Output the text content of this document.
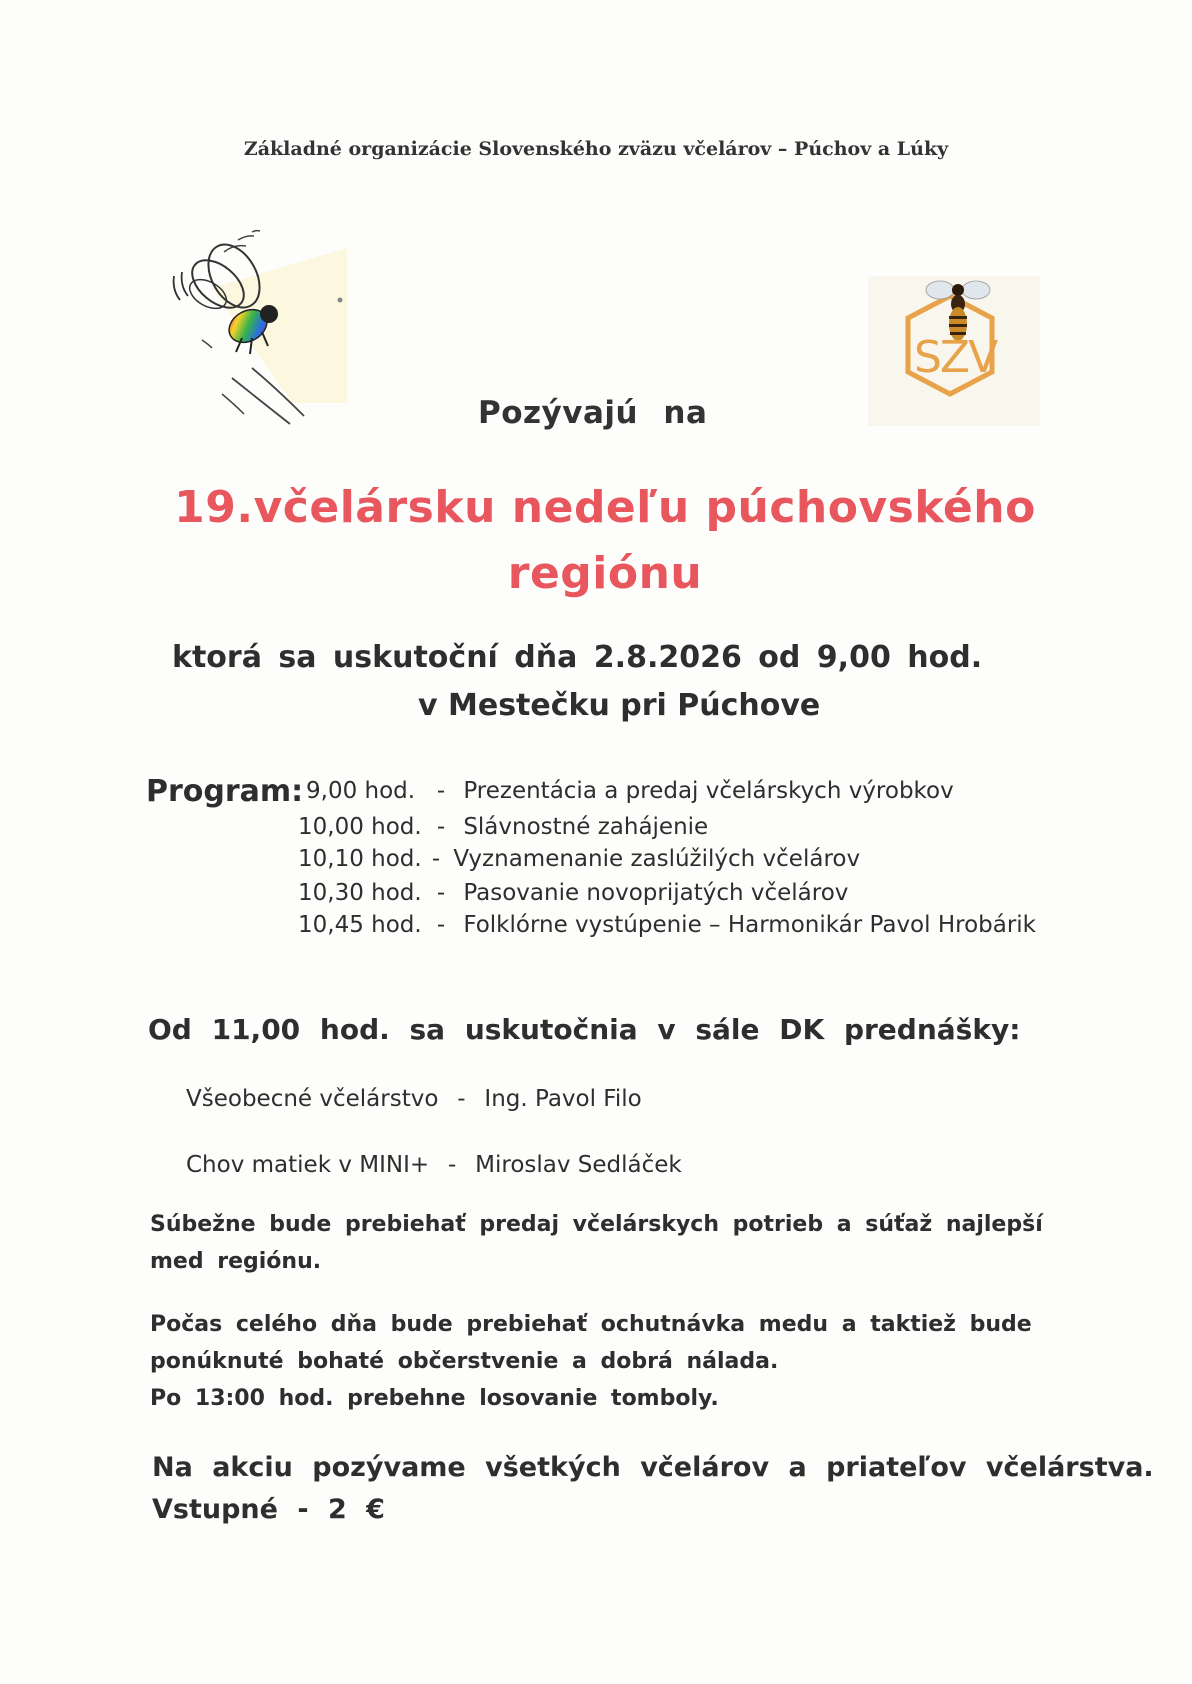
Základné organizácie Slovenského zväzu včelárov – Púchov a Lúky
SZV
Pozývajú na
19.včelársku nedeľu púchovského
regiónu
ktorá sa uskutoční dňa 2.8.2026 od 9,00 hod.
v Mestečku pri Púchove
Program: 9,00 hod. - Prezentácia a predaj včelárskych výrobkov
10,00 hod. - Slávnostné zahájenie
10,10 hod. - Vyznamenanie zaslúžilých včelárov
10,30 hod. - Pasovanie novoprijatých včelárov
10,45 hod. - Folklórne vystúpenie – Harmonikár Pavol Hrobárik
Od 11,00 hod. sa uskutočnia v sále DK prednášky:
Všeobecné včelárstvo - Ing. Pavol Filo
Chov matiek v MINI+ - Miroslav Sedláček
Súbežne bude prebiehať predaj včelárskych potrieb a súťaž najlepší
med regiónu.
Počas celého dňa bude prebiehať ochutnávka medu a taktiež bude
ponúknuté bohaté občerstvenie a dobrá nálada.
Po 13:00 hod. prebehne losovanie tomboly.
Na akciu pozývame všetkých včelárov a priateľov včelárstva.
Vstupné - 2 €
